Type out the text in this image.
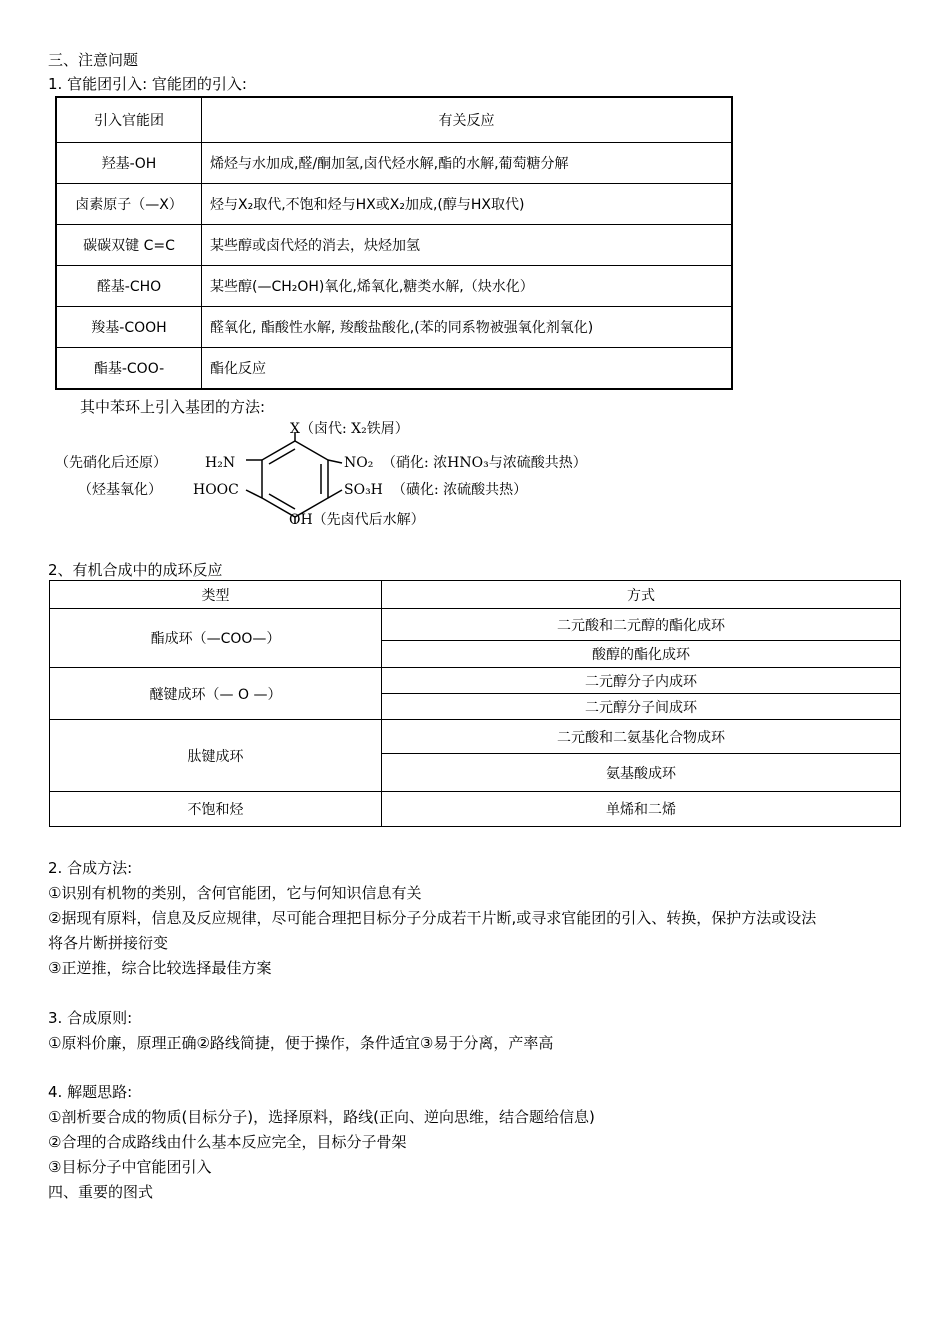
三、注意问题
1. 官能团引入: 官能团的引入:
引入官能团	有关反应
羟基-OH	烯烃与水加成,醛/酮加氢,卤代烃水解,酯的水解,葡萄糖分解
卤素原子（—X）	烃与X₂取代,不饱和烃与HX或X₂加成,(醇与HX取代)
碳碳双键 C=C	某些醇或卤代烃的消去，炔烃加氢
醛基-CHO	某些醇(—CH₂OH)氧化,烯氧化,糖类水解,（炔水化）
羧基-COOH	醛氧化, 酯酸性水解, 羧酸盐酸化,(苯的同系物被强氧化剂氧化)
酯基-COO-	酯化反应
其中苯环上引入基团的方法:
X（卤代: X₂铁屑）
（先硝化后还原）	H₂N
（烃基氧化） HOOC
NO₂ （硝化: 浓HNO₃与浓硫酸共热）
SO₃H （磺化: 浓硫酸共热）
OH（先卤代后水解）
2、有机合成中的成环反应
类型	方式
酯成环（—COO—）	二元酸和二元醇的酯化成环
	酸醇的酯化成环
醚键成环（— O —）	二元醇分子内成环
	二元醇分子间成环
肽键成环	二元酸和二氨基化合物成环
	氨基酸成环
不饱和烃	单烯和二烯
2. 合成方法:
①识别有机物的类别，含何官能团，它与何知识信息有关
②据现有原料，信息及反应规律，尽可能合理把目标分子分成若干片断,或寻求官能团的引入、转换，保护方法或设法
将各片断拼接衍变
③正逆推，综合比较选择最佳方案
3. 合成原则:
①原料价廉，原理正确②路线简捷，便于操作，条件适宜③易于分离，产率高
4. 解题思路:
①剖析要合成的物质(目标分子)，选择原料，路线(正向、逆向思维，结合题给信息)
②合理的合成路线由什么基本反应完全，目标分子骨架
③目标分子中官能团引入
四、重要的图式
